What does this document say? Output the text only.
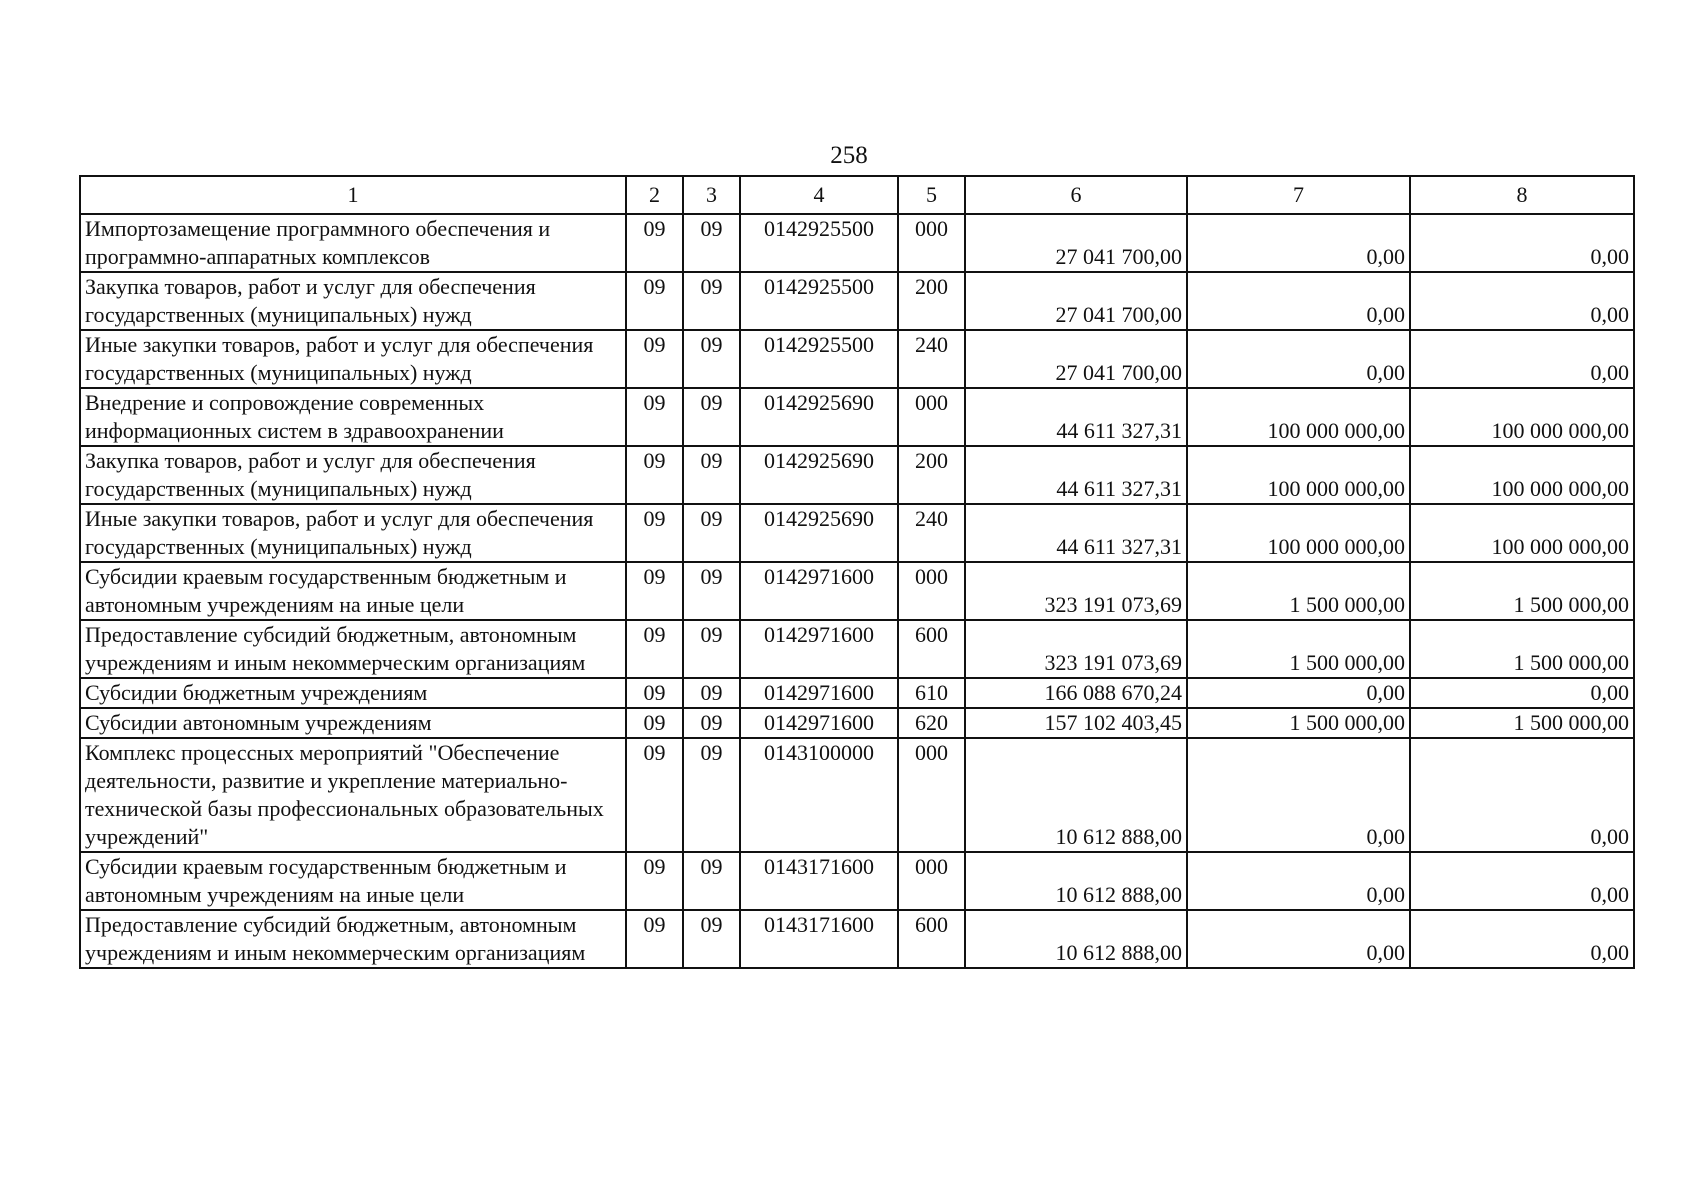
258
1	2	3	4	5	6	7	8
Импортозамещение программного обеспечения и программно-аппаратных комплексов	09	09	0142925500	000	27 041 700,00	0,00	0,00
Закупка товаров, работ и услуг для обеспечения государственных (муниципальных) нужд	09	09	0142925500	200	27 041 700,00	0,00	0,00
Иные закупки товаров, работ и услуг для обеспечения государственных (муниципальных) нужд	09	09	0142925500	240	27 041 700,00	0,00	0,00
Внедрение и сопровождение современных информационных систем в здравоохранении	09	09	0142925690	000	44 611 327,31	100 000 000,00	100 000 000,00
Закупка товаров, работ и услуг для обеспечения государственных (муниципальных) нужд	09	09	0142925690	200	44 611 327,31	100 000 000,00	100 000 000,00
Иные закупки товаров, работ и услуг для обеспечения государственных (муниципальных) нужд	09	09	0142925690	240	44 611 327,31	100 000 000,00	100 000 000,00
Субсидии краевым государственным бюджетным и автономным учреждениям на иные цели	09	09	0142971600	000	323 191 073,69	1 500 000,00	1 500 000,00
Предоставление субсидий бюджетным, автономным учреждениям и иным некоммерческим организациям	09	09	0142971600	600	323 191 073,69	1 500 000,00	1 500 000,00
Субсидии бюджетным учреждениям	09	09	0142971600	610	166 088 670,24	0,00	0,00
Субсидии автономным учреждениям	09	09	0142971600	620	157 102 403,45	1 500 000,00	1 500 000,00
Комплекс процессных мероприятий "Обеспечение деятельности, развитие и укрепление материально-технической базы профессиональных образовательных учреждений"	09	09	0143100000	000	10 612 888,00	0,00	0,00
Субсидии краевым государственным бюджетным и автономным учреждениям на иные цели	09	09	0143171600	000	10 612 888,00	0,00	0,00
Предоставление субсидий бюджетным, автономным учреждениям и иным некоммерческим организациям	09	09	0143171600	600	10 612 888,00	0,00	0,00
